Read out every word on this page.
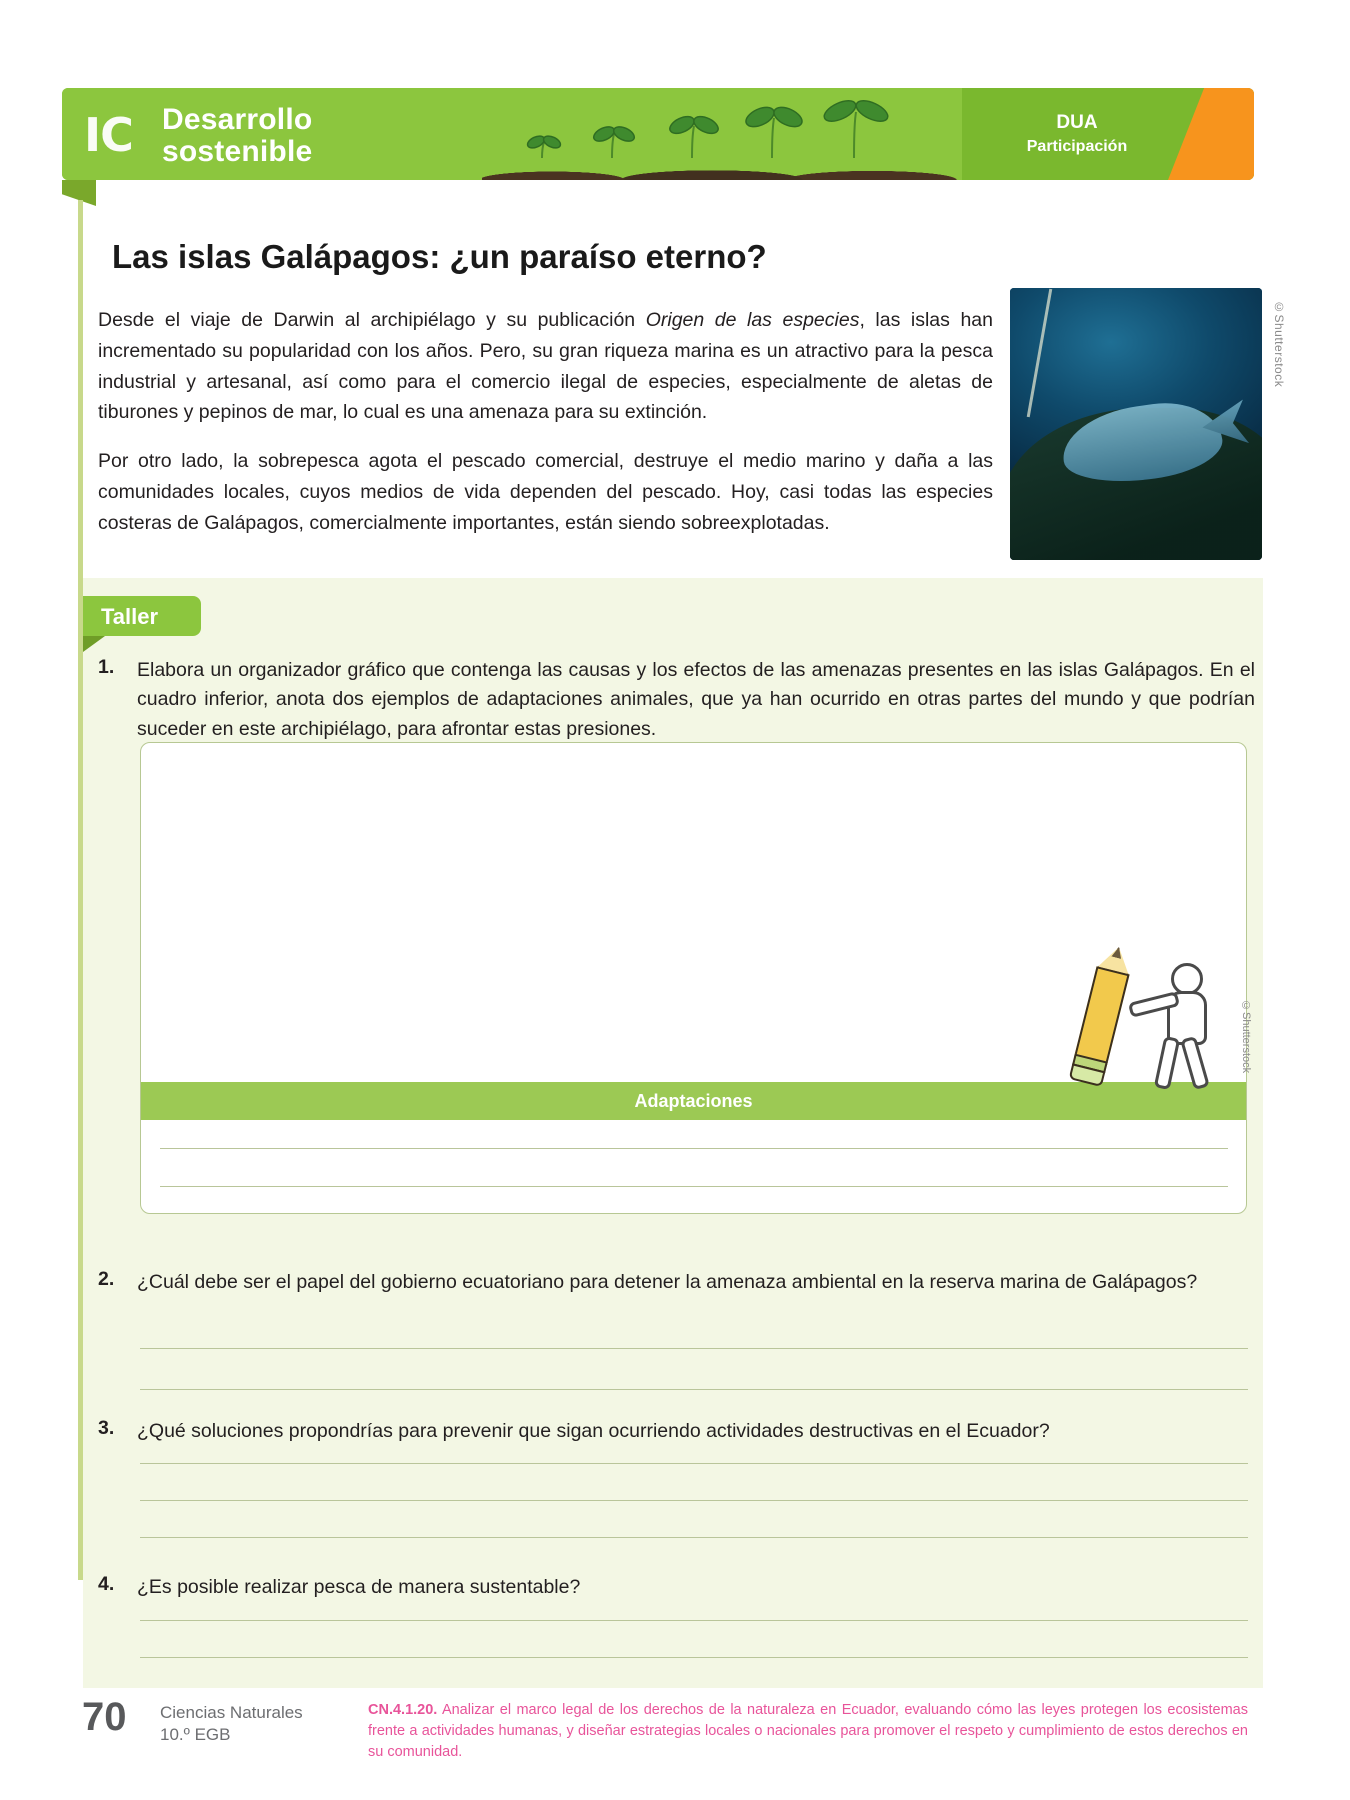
IC Desarrollo
sostenible
DUA
Participación
Las islas Galápagos: ¿un paraíso eterno?

Desde el viaje de Darwin al archipiélago y su publicación Origen de las especies, las islas han incrementado su popularidad con los años. Pero, su gran riqueza marina es un atractivo para la pesca industrial y artesanal, así como para el comercio ilegal de especies, especialmente de aletas de tiburones y pepinos de mar, lo cual es una amenaza para su extinción.

Por otro lado, la sobrepesca agota el pescado comercial, destruye el medio marino y daña a las comunidades locales, cuyos medios de vida dependen del pescado. Hoy, casi todas las especies costeras de Galápagos, comercialmente importantes, están siendo sobreexplotadas.

©Shutterstock
Taller
1. Elabora un organizador gráfico que contenga las causas y los efectos de las amenazas presentes en las islas Galápagos. En el cuadro inferior, anota dos ejemplos de adaptaciones animales, que ya han ocurrido en otras partes del mundo y que podrían suceder en este archipiélago, para afrontar estas presiones.
Adaptaciones
©Shutterstock
2. ¿Cuál debe ser el papel del gobierno ecuatoriano para detener la amenaza ambiental en la reserva marina de Galápagos?
3. ¿Qué soluciones propondrías para prevenir que sigan ocurriendo actividades destructivas en el Ecuador?
4. ¿Es posible realizar pesca de manera sustentable?
70 Ciencias Naturales
10.º EGB
CN.4.1.20. Analizar el marco legal de los derechos de la naturaleza en Ecuador, evaluando cómo las leyes protegen los ecosistemas frente a actividades humanas, y diseñar estrategias locales o nacionales para promover el respeto y cumplimiento de estos derechos en su comunidad.
